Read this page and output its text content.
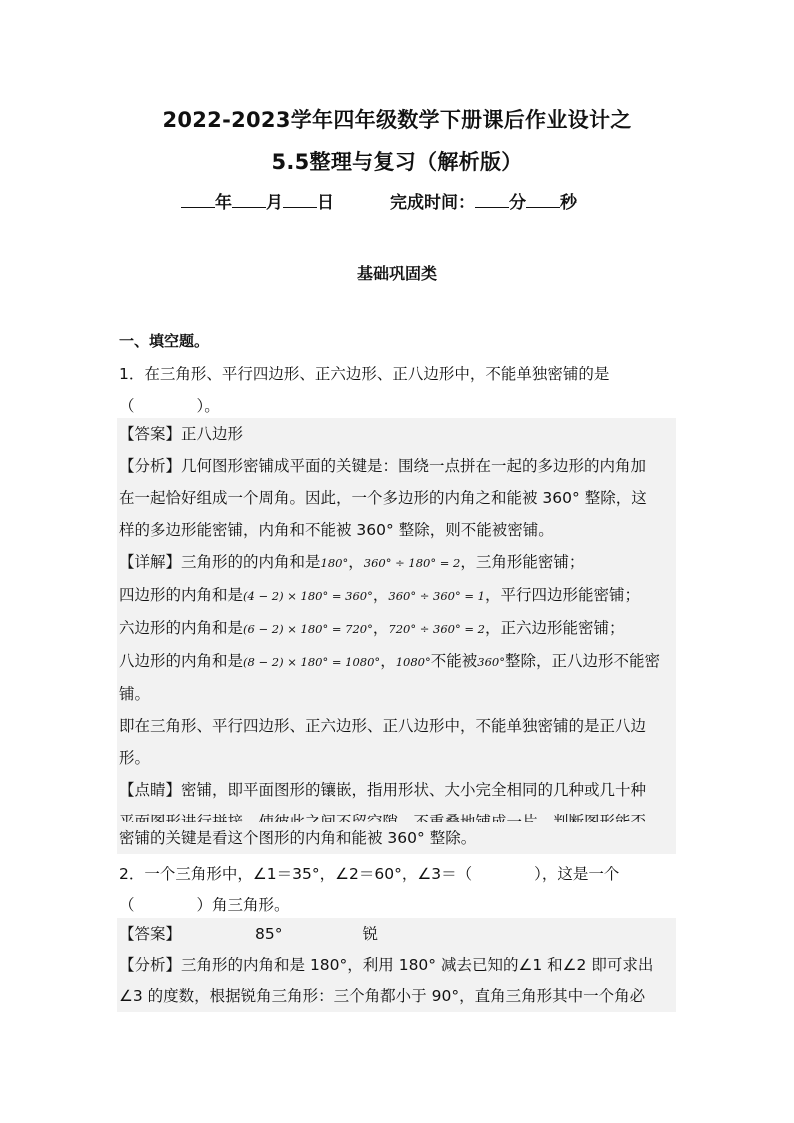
2022-2023学年四年级数学下册课后作业设计之
5.5整理与复习（解析版）
年 月 日	完成时间： 分 秒
基础巩固类
一、填空题。
1．在三角形、平行四边形、正六边形、正八边形中，不能单独密铺的是
（　　　　）。
【答案】正八边形
【分析】几何图形密铺成平面的关键是：围绕一点拼在一起的多边形的内角加
在一起恰好组成一个周角。因此，一个多边形的内角之和能被 360° 整除，这
样的多边形能密铺，内角和不能被 360° 整除，则不能被密铺。
【详解】三角形的的内角和是180°，360° ÷ 180° = 2，三角形能密铺；
四边形的内角和是(4 − 2) × 180° = 360°，360° ÷ 360° = 1，平行四边形能密铺；
六边形的内角和是(6 − 2) × 180° = 720°，720° ÷ 360° = 2，正六边形能密铺；
八边形的内角和是(8 − 2) × 180° = 1080°，1080°不能被360°整除，正八边形不能密
铺。
即在三角形、平行四边形、正六边形、正八边形中，不能单独密铺的是正八边
形。
【点睛】密铺，即平面图形的镶嵌，指用形状、大小完全相同的几种或几十种
密铺的关键是看这个图形的内角和能被 360° 整除。
2．一个三角形中，∠1＝35°，∠2＝60°，∠3＝（　　　　），这是一个
（　　　　）角三角形。
【答案】	85°	锐
【分析】三角形的内角和是 180°，利用 180° 减去已知的∠1 和∠2 即可求出
∠3 的度数，根据锐角三角形：三个角都小于 90°，直角三角形其中一个角必
